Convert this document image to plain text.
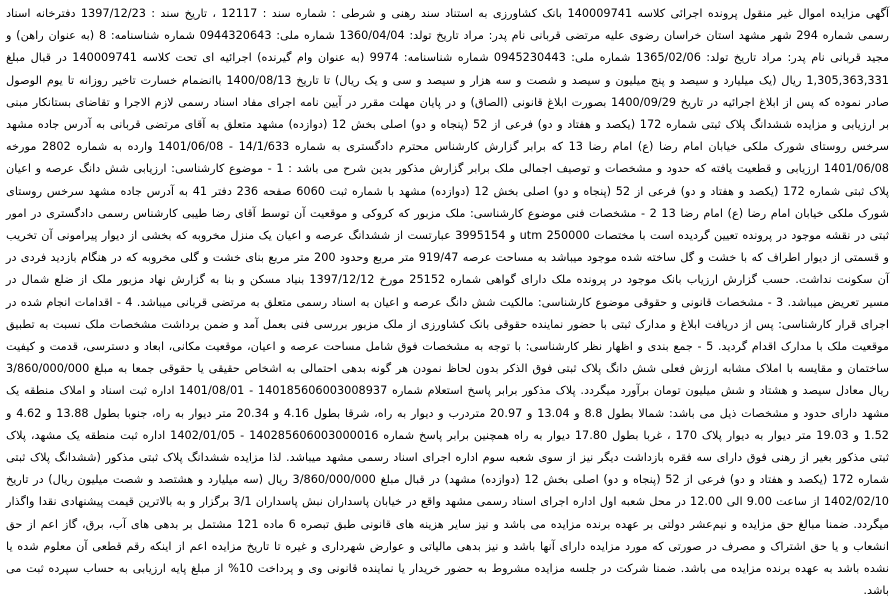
آگهی مزایده اموال غیر منقول پرونده اجرائی کلاسه 140009741 بانک کشاورزی به استناد سند رهنی و شرطی : شماره سند : 12117 ، تاریخ سند : 1397/12/23 دفترخانه اسناد رسمی شماره 294 شهر مشهد استان خراسان رضوی علیه مرتضی قربانی نام پدر: مراد تاریخ تولد: 1360/04/04 شماره ملی: 0944320643 شماره شناسنامه: 8 (به عنوان راهن) و مجید قربانی نام پدر: مراد تاریخ تولد: 1365/02/06 شماره ملی: 0945230443 شماره شناسنامه: 9974 (به عنوان وام گیرنده) اجرائیه ای تحت کلاسه 140009741 در قبال مبلغ 1,305,363,331 ریال (یک میلیارد و سیصد و پنج میلیون و سیصد و شصت و سه هزار و سیصد و سی و یک ریال) تا تاریخ 1400/08/13 باانضمام خسارت تاخیر روزانه تا یوم الوصول صادر نموده که پس از ابلاغ اجرائیه در تاریخ 1400/09/29 بصورت ابلاغ قانونی (الصاق) و در پایان مهلت مقرر در آیین نامه اجرای مفاد اسناد رسمی لازم الاجرا و تقاضای بستانکار مبنی بر ارزیابی و مزایده ششدانگ پلاک ثبتی شماره 172 (یکصد و هفتاد و دو) فرعی از 52 (پنجاه و دو) اصلی بخش 12 (دوازده) مشهد متعلق به آقای مرتضی قربانی به آدرس جاده مشهد سرخس روستای شورک ملکی خیابان امام رضا (ع) امام رضا 13 که برابر گزارش کارشناس محترم دادگستری به شماره 14/1/633 - 1401/06/08 وارده به شماره 2802 مورخه 1401/06/08 ارزیابی و قطعیت یافته که حدود و مشخصات و توصیف اجمالی ملک برابر گزارش مذکور بدین شرح می باشد : 1 - موضوع کارشناسی: ارزیابی شش دانگ عرصه و اعیان پلاک ثبتی شماره 172 (یکصد و هفتاد و دو) فرعی از 52 (پنجاه و دو) اصلی بخش 12 (دوازده) مشهد با شماره ثبت 6060 صفحه 236 دفتر 41 به آدرس جاده مشهد سرخس روستای شورک ملکی خیابان امام رضا (ع) امام رضا 13 2 - مشخصات فنی موضوع کارشناسی: ملک مزبور که کروکی و موقعیت آن توسط آقای رضا طیبی کارشناس رسمی دادگستری در امور ثبتی در نقشه موجود در پرونده تعیین گردیده است با مختصات utm 250000 و 3995154 عبارتست از ششدانگ عرصه و اعیان یک منزل مخروبه که بخشی از دیوار پیرامونی آن تخریب و قسمتی از دیوار اطراف که با خشت و گل ساخته شده موجود میباشد به مساحت عرصه 919/47 متر مربع وحدود 200 متر مربع بنای خشت و گلی مخروبه که در هنگام بازدید فردی در آن سکونت نداشت. حسب گزارش ارزیاب بانک موجود در پرونده ملک دارای گواهی شماره 25152 مورخ 1397/12/12 بنیاد مسکن و بنا به گزارش نهاد مزبور ملک از ضلع شمال در مسیر تعریض میباشد. 3 - مشخصات قانونی و حقوقی موضوع کارشناسی: مالکیت شش دانگ عرصه و اعیان به اسناد رسمی متعلق به مرتضی قربانی میباشد. 4 - اقدامات انجام شده در اجرای قرار کارشناسی: پس از دریافت ابلاغ و مدارک ثبتی با حضور نماینده حقوقی بانک کشاورزی از ملک مزبور بررسی فنی بعمل آمد و ضمن برداشت مشخصات ملک نسبت به تطبیق موقعیت ملک با مدارک اقدام گردید. 5 - جمع بندی و اظهار نظر کارشناسی: با توجه به مشخصات فوق شامل مساحت عرصه و اعیان، موقعیت مکانی، ابعاد و دسترسی، قدمت و کیفیت ساختمان و مقایسه با املاک مشابه ارزش فعلی شش دانگ پلاک ثبتی فوق الذکر بدون لحاظ نمودن هر گونه بدهی احتمالی به اشخاص حقیقی یا حقوقی جمعا به مبلغ 3/860/000/000 ریال معادل سیصد و هشتاد و شش میلیون تومان برآورد میگردد. پلاک مذکور برابر پاسخ استعلام شماره 140185606003008937 - 1401/08/01 اداره ثبت اسناد و املاک منطقه یک مشهد دارای حدود و مشخصات ذیل می باشد: شمالا بطول 8.8 و 13.04 و 20.97 متردرب و دیوار به راه، شرقا بطول 4.16 و 20.34 متر دیوار به راه، جنوبا بطول 13.88 و 4.62 و 1.52 و 19.03 متر دیوار به دیوار پلاک 170 ، غربا بطول 17.80 دیوار به راه همچنین برابر پاسخ شماره 140285606003000016 - 1402/01/05 اداره ثبت منطقه یک مشهد، پلاک ثبتی مذکور بغیر از رهنی فوق دارای سه فقره بازداشت دیگر نیز از سوی شعبه سوم اداره اجرای اسناد رسمی مشهد میباشد. لذا مزایده ششدانگ پلاک ثبتی مذکور (ششدانگ پلاک ثبتی شماره 172 (یکصد و هفتاد و دو) فرعی از 52 (پنجاه و دو) اصلی بخش 12 (دوازده) مشهد) در قبال مبلغ 3/860/000/000 ریال (سه میلیارد و هشتصد و شصت میلیون ریال) در تاریخ 1402/02/10 از ساعت 9.00 الی 12.00 در محل شعبه اول اداره اجرای اسناد رسمی مشهد واقع در خیابان پاسداران نبش پاسداران 3/1 برگزار و به بالاترین قیمت پیشنهادی نقدا واگذار میگردد. ضمنا مبالغ حق مزایده و نیم‌عشر دولتی بر عهده برنده مزایده می باشد و نیز سایر هزینه های قانونی طبق تبصره 6 ماده 121 مشتمل بر بدهی های آب، برق، گاز اعم از حق انشعاب و یا حق اشتراک و مصرف در صورتی که مورد مزایده دارای آنها باشد و نیز بدهی مالیاتی و عوارض شهرداری و غیره تا تاریخ مزایده اعم از اینکه رقم قطعی آن معلوم شده یا نشده باشد به عهده برنده مزایده می باشد. ضمنا شرکت در جلسه مزایده مشروط به حضور خریدار یا نماینده قانونی وی و پرداخت 10% از مبلغ پایه ارزیابی به حساب سپرده ثبت می باشد.
